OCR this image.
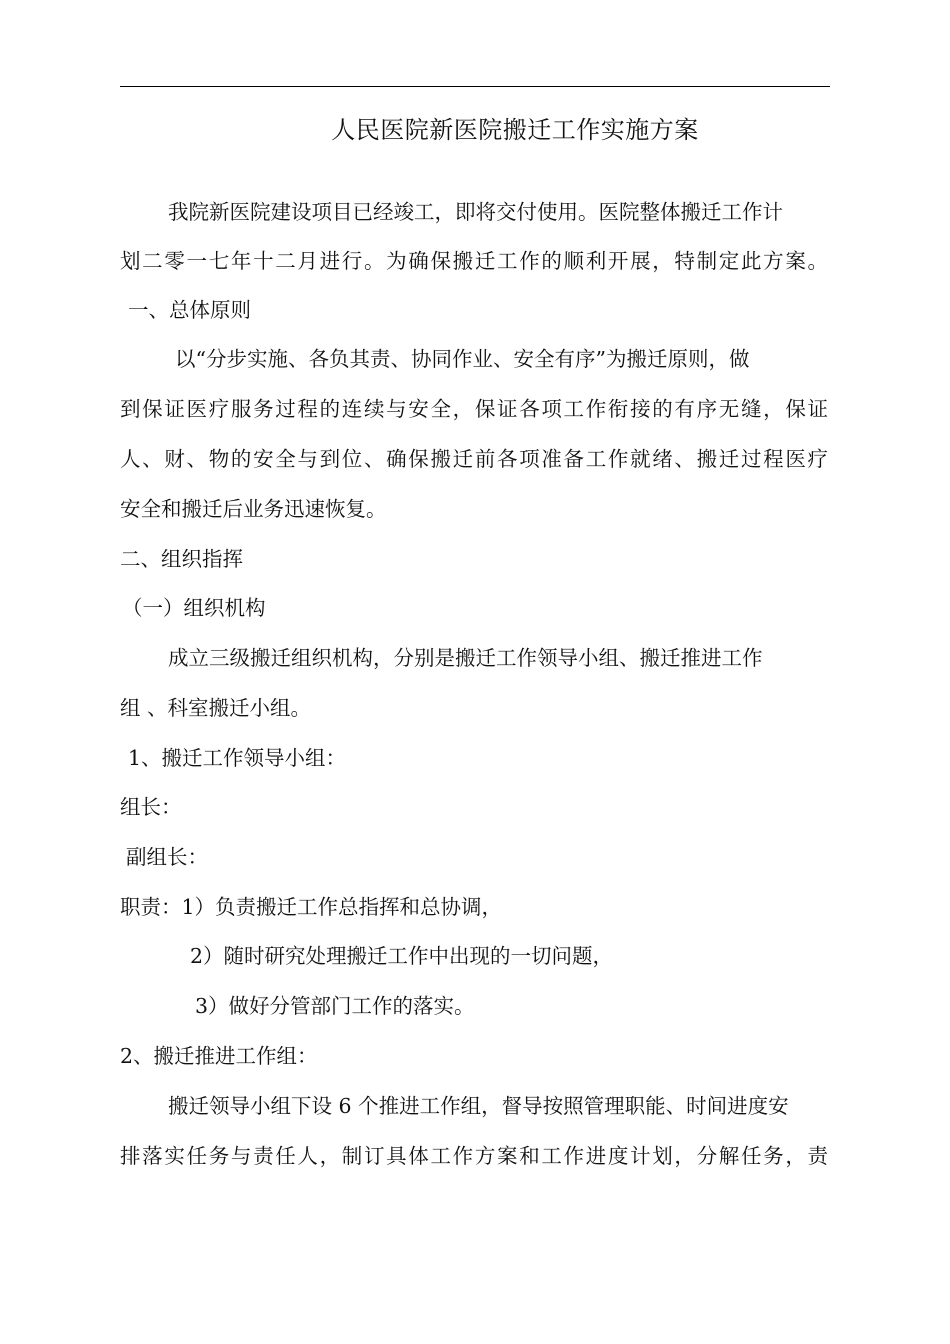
人民医院新医院搬迁工作实施方案
我院新医院建设项目已经竣工，即将交付使用。医院整体搬迁工作计
划二零一七年十二月进行。为确保搬迁工作的顺利开展，特制定此方案。
一、总体原则
以“分步实施、各负其责、协同作业、安全有序”为搬迁原则，做
到保证医疗服务过程的连续与安全，保证各项工作衔接的有序无缝，保证
人、财、物的安全与到位、确保搬迁前各项准备工作就绪、搬迁过程医疗
安全和搬迁后业务迅速恢复。
二、组织指挥
（一）组织机构
成立三级搬迁组织机构，分别是搬迁工作领导小组、搬迁推进工作
组 、科室搬迁小组。
1、搬迁工作领导小组：
组长：
副组长：
职责：1）负责搬迁工作总指挥和总协调，
2）随时研究处理搬迁工作中出现的一切问题，
3）做好分管部门工作的落实。
2、搬迁推进工作组：
搬迁领导小组下设 6 个推进工作组，督导按照管理职能、时间进度安
排落实任务与责任人，制订具体工作方案和工作进度计划，分解任务，责
